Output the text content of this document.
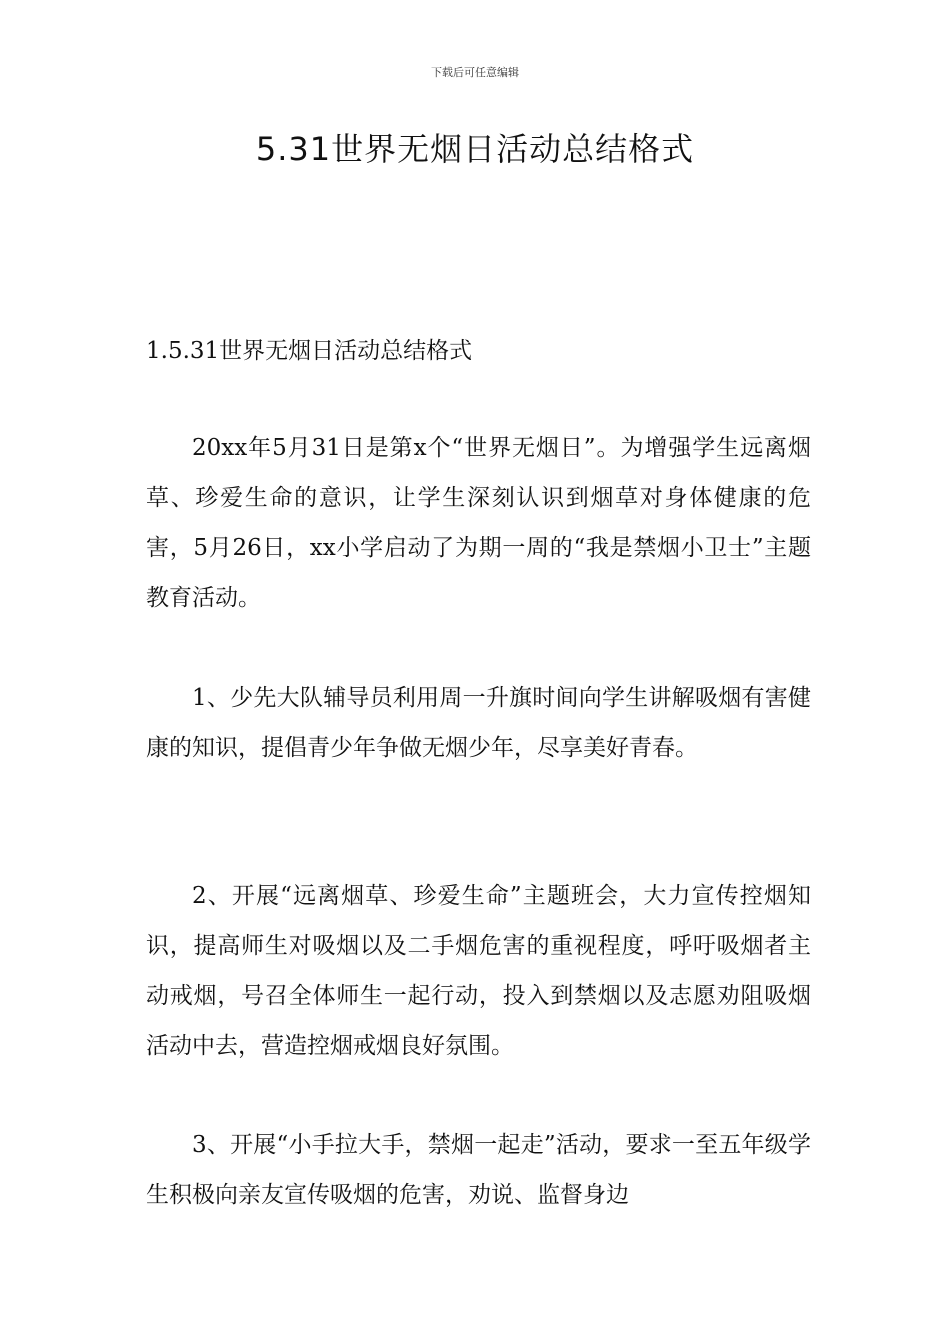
下载后可任意编辑
5.31世界无烟日活动总结格式
1.5.31世界无烟日活动总结格式

20xx年5月31日是第x个“世界无烟日”。为增强学生远离烟草、珍爱生命的意识，让学生深刻认识到烟草对身体健康的危害，5月26日，xx小学启动了为期一周的“我是禁烟小卫士”主题教育活动。

1、少先大队辅导员利用周一升旗时间向学生讲解吸烟有害健康的知识，提倡青少年争做无烟少年，尽享美好青春。

2、开展“远离烟草、珍爱生命”主题班会，大力宣传控烟知识，提高师生对吸烟以及二手烟危害的重视程度，呼吁吸烟者主动戒烟，号召全体师生一起行动，投入到禁烟以及志愿劝阻吸烟活动中去，营造控烟戒烟良好氛围。

3、开展“小手拉大手，禁烟一起走”活动，要求一至五年级学生积极向亲友宣传吸烟的危害，劝说、监督身边
